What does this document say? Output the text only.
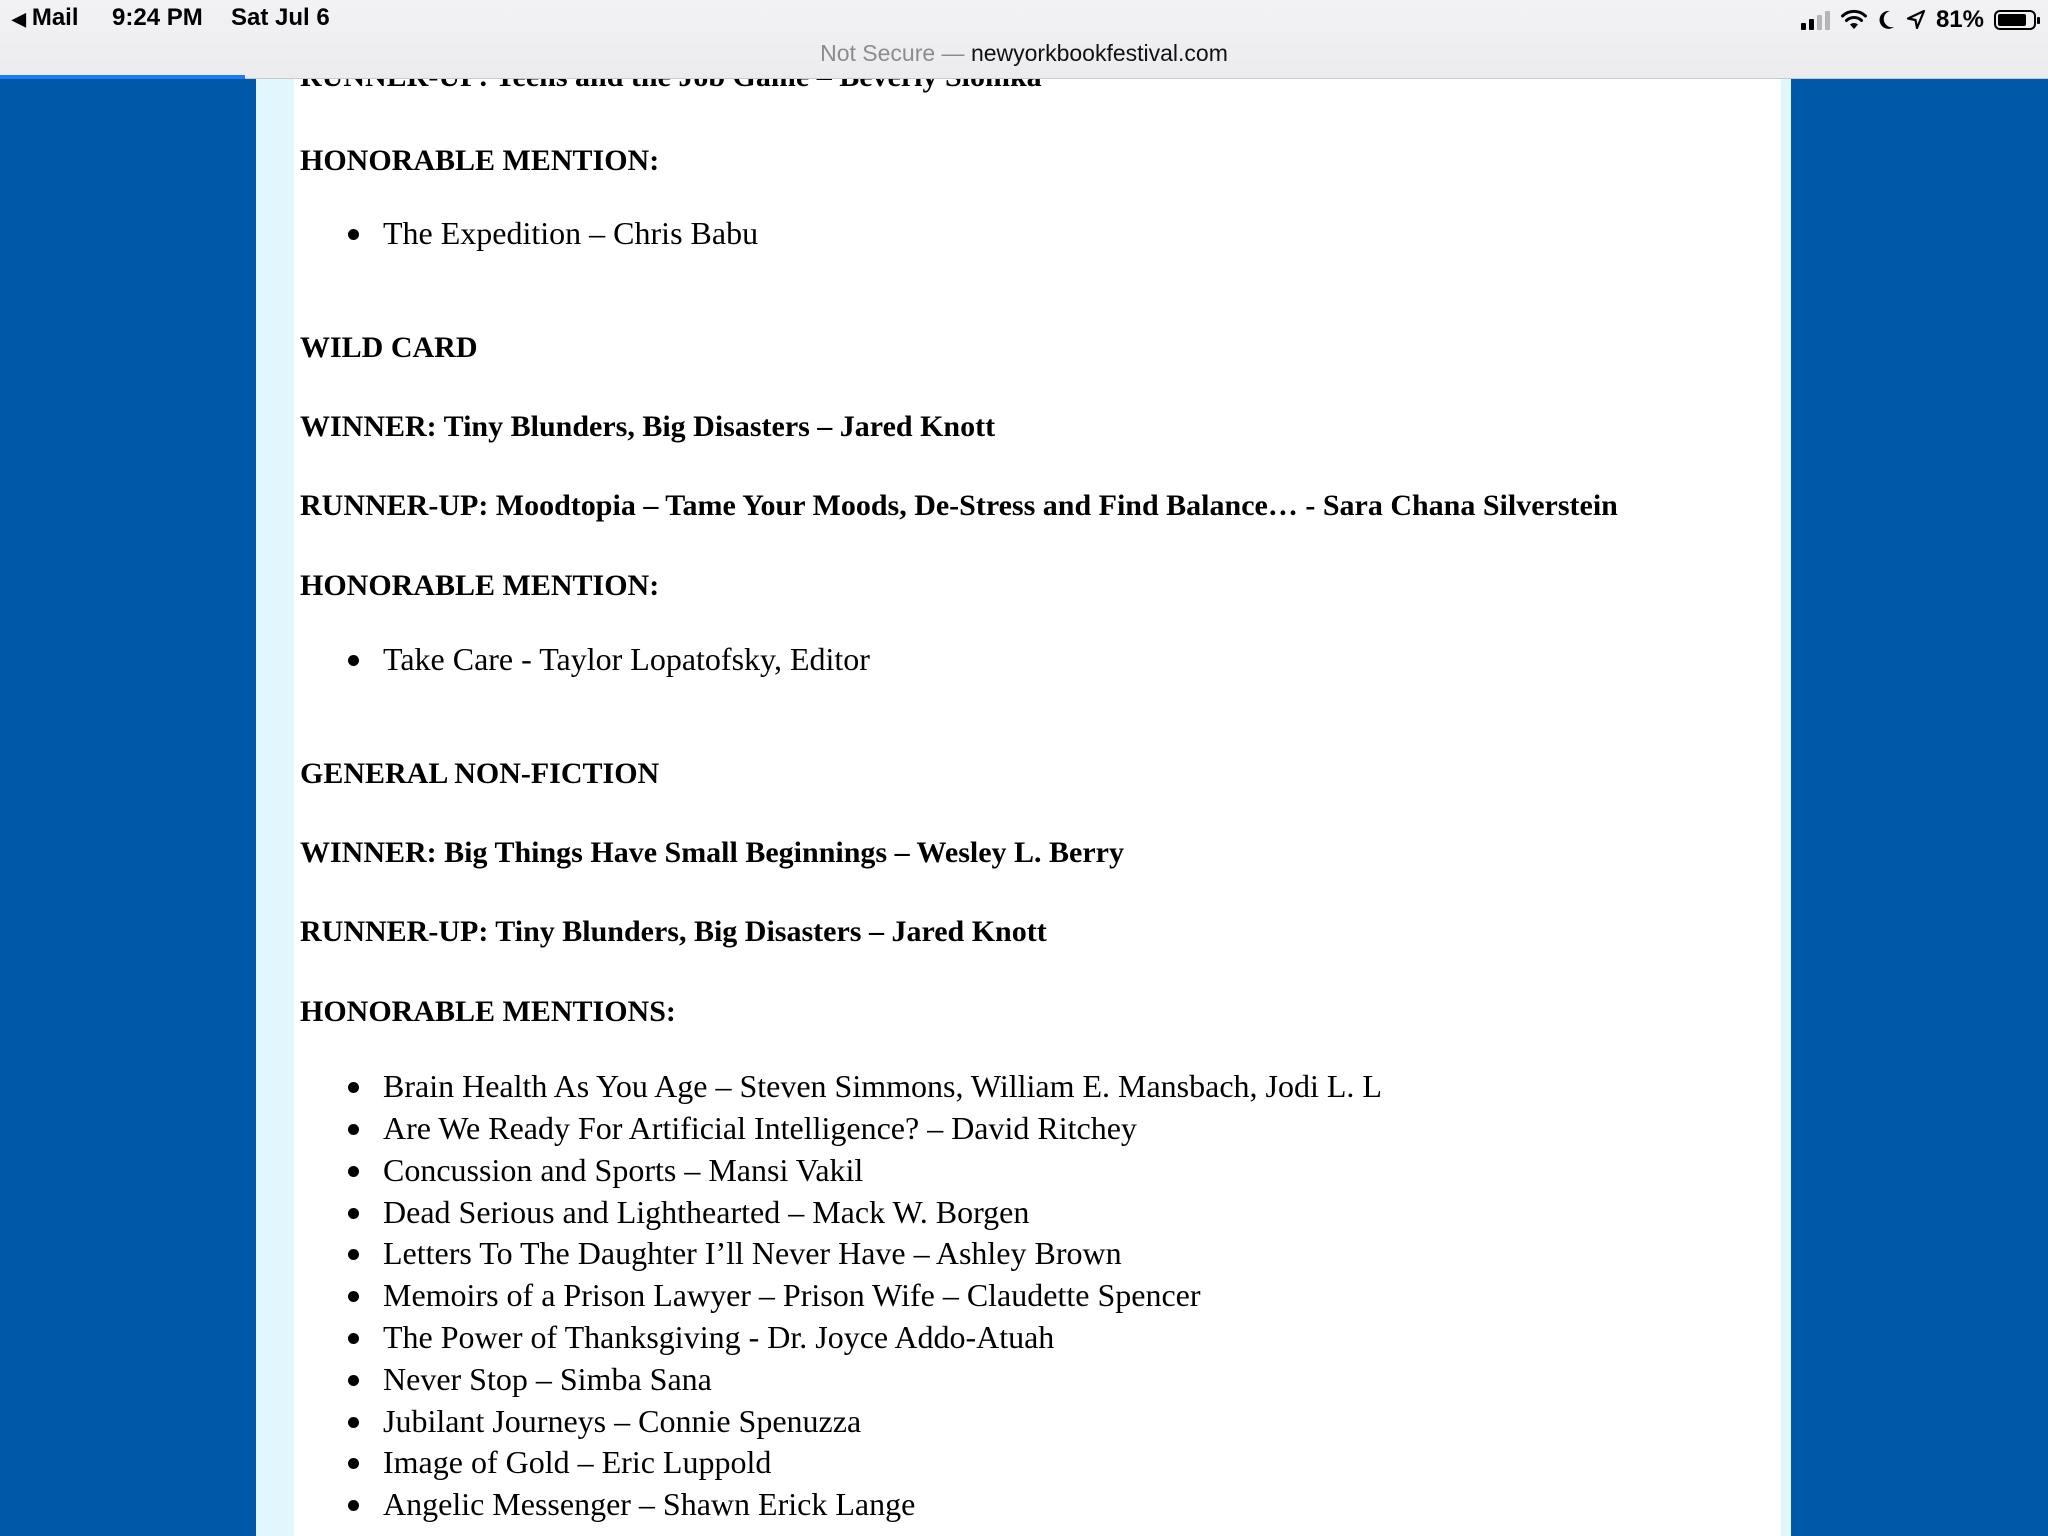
HONORABLE MENTION:
The Expedition – Chris Babu
WILD CARD
WINNER: Tiny Blunders, Big Disasters – Jared Knott
RUNNER-UP: Moodtopia – Tame Your Moods, De-Stress and Find Balance… - Sara Chana Silverstein
HONORABLE MENTION:
Take Care - Taylor Lopatofsky, Editor
GENERAL NON-FICTION
WINNER: Big Things Have Small Beginnings – Wesley L. Berry
RUNNER-UP: Tiny Blunders, Big Disasters – Jared Knott
HONORABLE MENTIONS:
Brain Health As You Age – Steven Simmons, William E. Mansbach, Jodi L. L
Are We Ready For Artificial Intelligence? – David Ritchey
Concussion and Sports – Mansi Vakil
Dead Serious and Lighthearted – Mack W. Borgen
Letters To The Daughter I’ll Never Have – Ashley Brown
Memoirs of a Prison Lawyer – Prison Wife – Claudette Spencer
The Power of Thanksgiving - Dr. Joyce Addo-Atuah
Never Stop – Simba Sana
Jubilant Journeys – Connie Spenuzza
Image of Gold – Eric Luppold
Angelic Messenger – Shawn Erick Lange
◀ Mail 9:24 PM Sat Jul 6
Not Secure — newyorkbookfestival.com
81%
